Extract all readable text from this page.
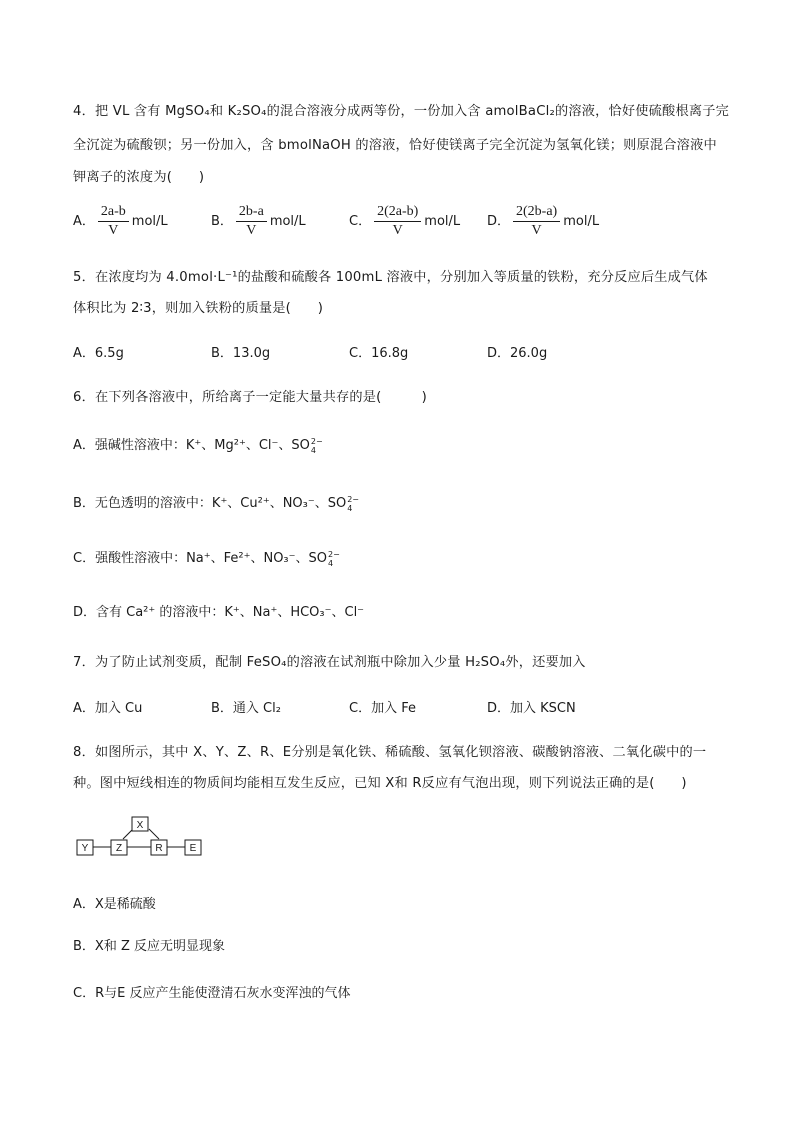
4．把 VL 含有 MgSO₄和 K₂SO₄的混合溶液分成两等份，一份加入含 amolBaCl₂的溶液，恰好使硫酸根离子完
全沉淀为硫酸钡；另一份加入，含 bmolNaOH 的溶液，恰好使镁离子完全沉淀为氢氧化镁；则原混合溶液中
钾离子的浓度为(　　)
A． $\frac{2a-b}{V} mol/L$	B． $\frac{2b-a}{V} mol/L$	C． $\frac{2(2a-b)}{V} mol/L$ D． $\frac{2(2b-a)}{V} mol/L$
5．在浓度均为 4.0mol·L⁻¹的盐酸和硫酸各 100mL 溶液中，分别加入等质量的铁粉，充分反应后生成气体
体积比为 2∶3，则加入铁粉的质量是(　　)
A．6.5g	B．13.0g	C．16.8g	D．26.0g
6．在下列各溶液中，所给离子一定能大量共存的是(　　　)
A．强碱性溶液中：K⁺、Mg²⁺、Cl⁻、SO 2−
4
B．无色透明的溶液中：K⁺、Cu²⁺、NO₃⁻、SO 2−
4
C．强酸性溶液中：Na⁺、Fe²⁺、NO₃⁻、SO 2−
4
D．含有 Ca²⁺ 的溶液中：K⁺、Na⁺、HCO₃⁻、Cl⁻
7．为了防止试剂变质，配制 FeSO₄的溶液在试剂瓶中除加入少量 H₂SO₄外，还要加入
A．加入 Cu	B．通入 Cl₂	C．加入 Fe	D．加入 KSCN
8．如图所示，其中 X、Y、Z、R、E分别是氧化铁、稀硫酸、氢氧化钡溶液、碳酸钠溶液、二氧化碳中的一
种。图中短线相连的物质间均能相互发生反应，已知 X和 R反应有气泡出现，则下列说法正确的是(　　)
X
Y	Z	R	E
A．X是稀硫酸
B．X和 Z 反应无明显现象
C．R与E 反应产生能使澄清石灰水变浑浊的气体
